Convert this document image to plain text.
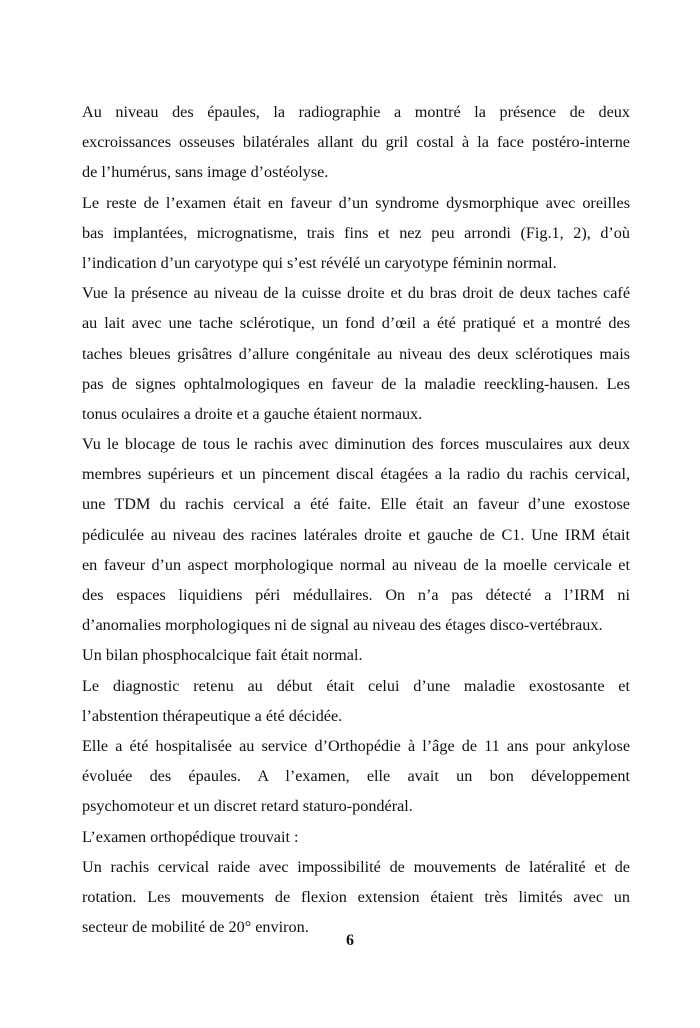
Au niveau des épaules, la radiographie a montré la présence de deux
excroissances osseuses bilatérales allant du gril costal à la face postéro-interne
de l’humérus, sans image d’ostéolyse.
Le reste de l’examen était en faveur d’un syndrome dysmorphique avec oreilles
bas implantées, micrognatisme, trais fins et nez peu arrondi (Fig.1, 2), d’où
l’indication d’un caryotype qui s’est révélé un caryotype féminin normal.
Vue la présence au niveau de la cuisse droite et du bras droit de deux taches café
au lait avec une tache sclérotique, un fond d’œil a été pratiqué et a montré des
taches bleues grisâtres d’allure congénitale au niveau des deux sclérotiques mais
pas de signes ophtalmologiques en faveur de la maladie reeckling-hausen. Les
tonus oculaires a droite et a gauche étaient normaux.
Vu le blocage de tous le rachis avec diminution des forces musculaires aux deux
membres supérieurs et un pincement discal étagées a la radio du rachis cervical,
une TDM du rachis cervical a été faite. Elle était an faveur d’une exostose
pédiculée au niveau des racines latérales droite et gauche de C1. Une IRM était
en faveur d’un aspect morphologique normal au niveau de la moelle cervicale et
des espaces liquidiens péri médullaires. On n’a pas détecté a l’IRM ni
d’anomalies morphologiques ni de signal au niveau des étages disco-vertébraux.
Un bilan phosphocalcique fait était normal.
Le diagnostic retenu au début était celui d’une maladie exostosante et
l’abstention thérapeutique a été décidée.
Elle a été hospitalisée au service d’Orthopédie à l’âge de 11 ans pour ankylose
évoluée des épaules. A l’examen, elle avait un bon développement
psychomoteur et un discret retard staturo-pondéral.
L’examen orthopédique trouvait :
Un rachis cervical raide avec impossibilité de mouvements de latéralité et de
rotation. Les mouvements de flexion extension étaient très limités avec un
secteur de mobilité de 20° environ.
6
